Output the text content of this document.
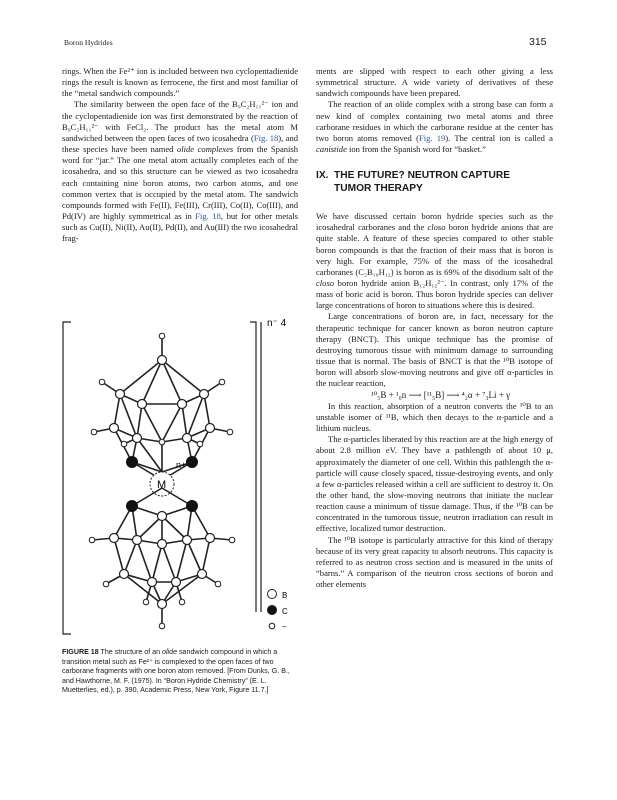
Boron Hydrides	315

rings. When the Fe²⁺ ion is included between two cyclopentadienide rings the result is known as ferrocene, the first and most familiar of the “metal sandwich compounds.”

The similarity between the open face of the B₉C₂H₁₁²⁻ ion and the cyclopentadienide ion was first demonstrated by the reaction of B₉C₂H₁₁²⁻ with FeCl₂. The product has the metal atom M sandwiched between the open faces of two icosahedra (Fig. 18), and these species have been named olide complexes from the Spanish word for “jar.” The one metal atom actually completes each of the icosahedra, and so this structure can be viewed as two icosahedra each containing nine boron atoms, two carbon atoms, and one common vertex that is occupied by the metal atom. The sandwich compounds formed with Fe(II), Fe(III), Cr(III), Co(II), Co(III), and Pd(IV) are highly symmetrical as in Fig. 18, but for other metals such as Cu(II), Ni(II), Au(II), Pd(II), and Au(III) the two icosahedral frag-

n⁻ 4
M
n+
B
C
–
FIGURE 18 The structure of an olide sandwich compound in which a transition metal such as Fe²⁺ is complexed to the open faces of two carborane fragments with one boron atom removed. [From Dunks, G. B., and Hawthorne, M. F. (1975). In “Boron Hydride Chemistry” (E. L. Muetterlies, ed.), p. 390, Academic Press, New York, Figure 11.7.]

ments are slipped with respect to each other giving a less symmetrical structure. A wide variety of derivatives of these sandwich compounds have been prepared.

The reaction of an olide complex with a strong base can form a new kind of complex containing two metal atoms and three carborane residues in which the carborane residue at the center has two boron atoms removed (Fig. 19). The central ion is called a canistide ion from the Spanish word for “basket.”

IX. THE FUTURE? NEUTRON CAPTURE
TUMOR THERAPY

We have discussed certain boron hydride species such as the icosahedral carboranes and the closo boron hydride anions that are quite stable. A feature of these species compared to other stable boron compounds is that the fraction of their mass that is boron is very high. For example, 75% of the mass of the icosahedral carboranes (C₂B₁₀H₁₂) is boron as is 69% of the disodium salt of the closo boron hydride anion B₁₂H₁₂²⁻. In contrast, only 17% of the mass of boric acid is boron. Thus boron hydride species can deliver large concentrations of boron to situations where this is desired.

Large concentrations of boron are, in fact, necessary for the therapeutic technique for cancer known as boron neutron capture therapy (BNCT). This unique technique has the promise of destroying tumorous tissue with minimum damage to surrounding tissue that is normal. The basis of BNCT is that the ¹⁰B isotope of boron will absorb slow-moving neutrons and give off α-particles in the nuclear reaction,

¹⁰₅B + ¹₀n ⟶ [¹¹₅B] ⟶ ⁴₂α + ⁷₃Li + γ

In this reaction, absorption of a neutron converts the ¹⁰B to an unstable isomer of ¹¹B, which then decays to the α-particle and a lithium nucleus.

The α-particles liberated by this reaction are at the high energy of about 2.8 million eV. They have a pathlength of about 10 μ, approximately the diameter of one cell. Within this pathlength the α-particle will cause closely spaced, tissue-destroying events, and only a few α-particles released within a cell are sufficient to destroy it. On the other hand, the slow-moving neutrons that initiate the nuclear reaction cause a minimum of tissue damage. Thus, if the ¹⁰B can be concentrated in the tumorous tissue, neutron irradiation can result in effective, localized tumor destruction.

The ¹⁰B isotope is particularly attractive for this kind of therapy because of its very great capacity to absorb neutrons. This capacity is referred to as neutron cross section and is measured in the units of “barns.” A comparison of the neutron cross sections of boron and other elements
